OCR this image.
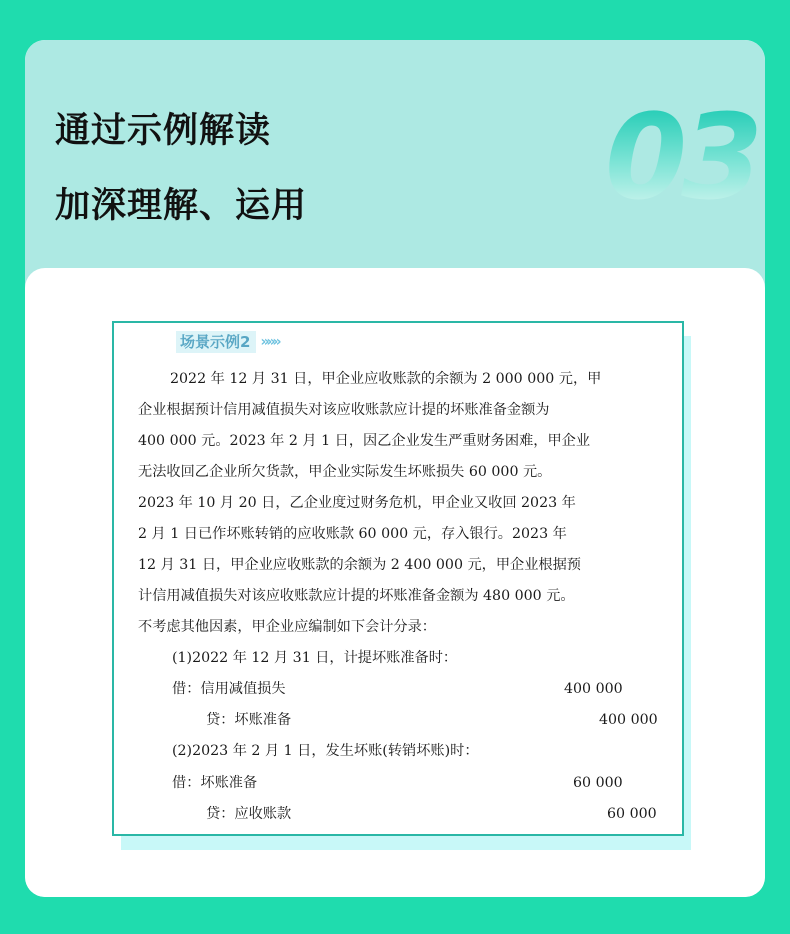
通过示例解读
加深理解、运用	03
场景示例2 »»»
2022 年 12 月 31 日，甲企业应收账款的余额为 2 000 000 元，甲
企业根据预计信用减值损失对该应收账款应计提的坏账准备金额为
400 000 元。2023 年 2 月 1 日，因乙企业发生严重财务困难，甲企业
无法收回乙企业所欠货款，甲企业实际发生坏账损失 60 000 元。
2023 年 10 月 20 日，乙企业度过财务危机，甲企业又收回 2023 年
2 月 1 日已作坏账转销的应收账款 60 000 元，存入银行。2023 年
12 月 31 日，甲企业应收账款的余额为 2 400 000 元，甲企业根据预
计信用减值损失对该应收账款应计提的坏账准备金额为 480 000 元。
不考虑其他因素，甲企业应编制如下会计分录：
(1)2022 年 12 月 31 日，计提坏账准备时：
借：信用减值损失	400 000
贷：坏账准备	400 000
(2)2023 年 2 月 1 日，发生坏账(转销坏账)时：
借：坏账准备	60 000
贷：应收账款	60 000
